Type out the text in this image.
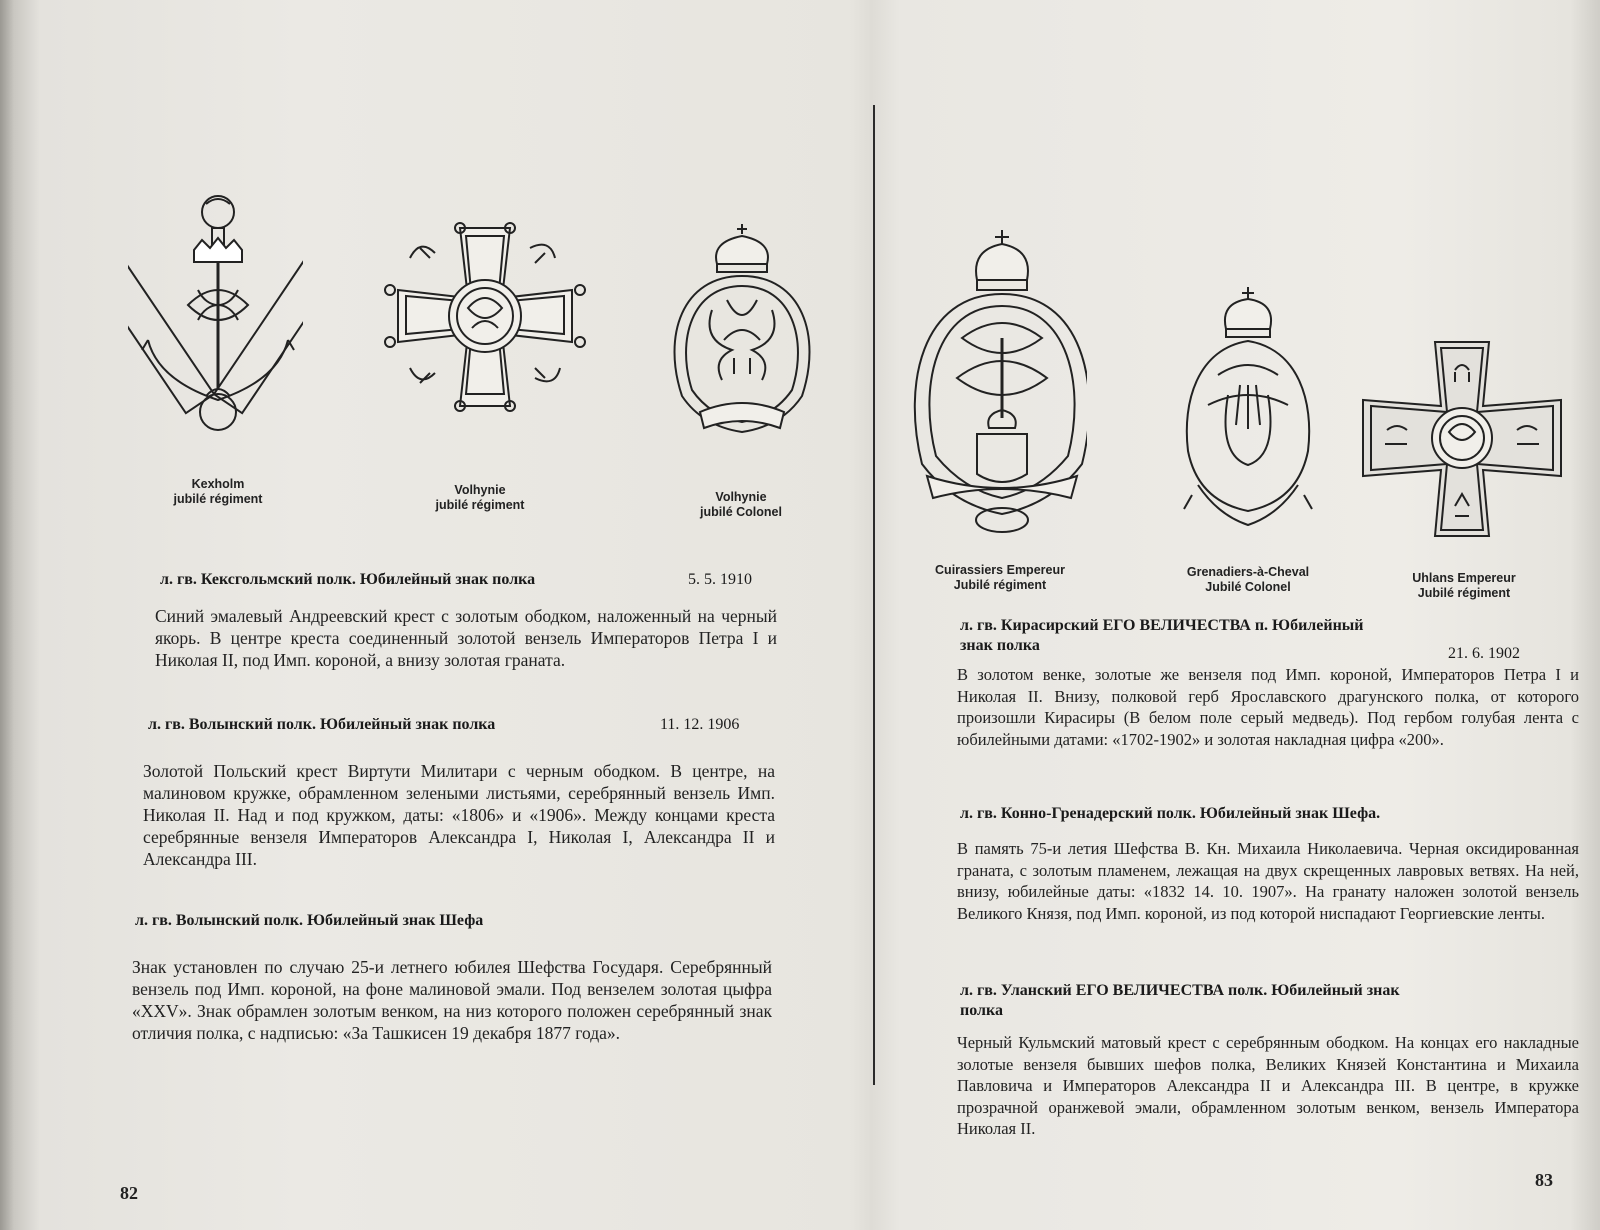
Kexholm
jubilé régiment
Volhynie
jubilé régiment
Volhynie
jubilé Colonel
л. гв. Кексгольмский полк. Юбилейный знак полка	5. 5. 1910

Синий эмалевый Андреевский крест с золотым ободком, наложенный на черный якорь. В центре креста соединенный золотой вензель Императоров Петра I и Николая II, под Имп. короной, а внизу золотая граната.

л. гв. Волынский полк. Юбилейный знак полка	11. 12. 1906

Золотой Польский крест Виртути Милитари с черным ободком. В центре, на малиновом кружке, обрамленном зелеными листьями, серебрянный вензель Имп. Николая II. Над и под кружком, даты: «1806» и «1906». Между концами креста серебрянные вензеля Императоров Александра I, Николая I, Александра II и Александра III.

л. гв. Волынский полк. Юбилейный знак Шефа

Знак установлен по случаю 25-и летнего юбилея Шефства Государя. Серебрянный вензель под Имп. короной, на фоне малиновой эмали. Под вензелем золотая цыфра «XXV». Знак обрамлен золотым венком, на низ которого положен серебрянный знак отличия полка, с надписью: «За Ташкисен 19 декабря 1877 года».

82
Cuirassiers Empereur
Jubilé régiment
Grenadiers-à-Cheval
Jubilé Colonel
Uhlans Empereur
Jubilé régiment
л. гв. Кирасирский ЕГО ВЕЛИЧЕСТВА п. Юбилейный
знак полка	21. 6. 1902

В золотом венке, золотые же вензеля под Имп. короной, Императоров Петра I и Николая II. Внизу, полковой герб Ярославского драгунского полка, от которого произошли Кирасиры (В белом поле серый медведь). Под гербом голубая лента с юбилейными датами: «1702-1902» и золотая накладная цифра «200».

л. гв. Конно-Гренадерский полк. Юбилейный знак Шефа.

В память 75-и летия Шефства В. Кн. Михаила Николаевича. Черная оксидированная граната, с золотым пламенем, лежащая на двух скрещенных лавровых ветвях. На ней, внизу, юбилейные даты: «1832 14. 10. 1907». На гранату наложен золотой вензель Великого Князя, под Имп. короной, из под которой ниспадают Георгиевские ленты.

л. гв. Уланский ЕГО ВЕЛИЧЕСТВА полк. Юбилейный знак
полка

Черный Кульмский матовый крест с серебрянным ободком. На концах его накладные золотые вензеля бывших шефов полка, Великих Князей Константина и Михаила Павловича и Императоров Александра II и Александра III. В центре, в кружке прозрачной оранжевой эмали, обрамленном золотым венком, вензель Императора Николая II.

83
